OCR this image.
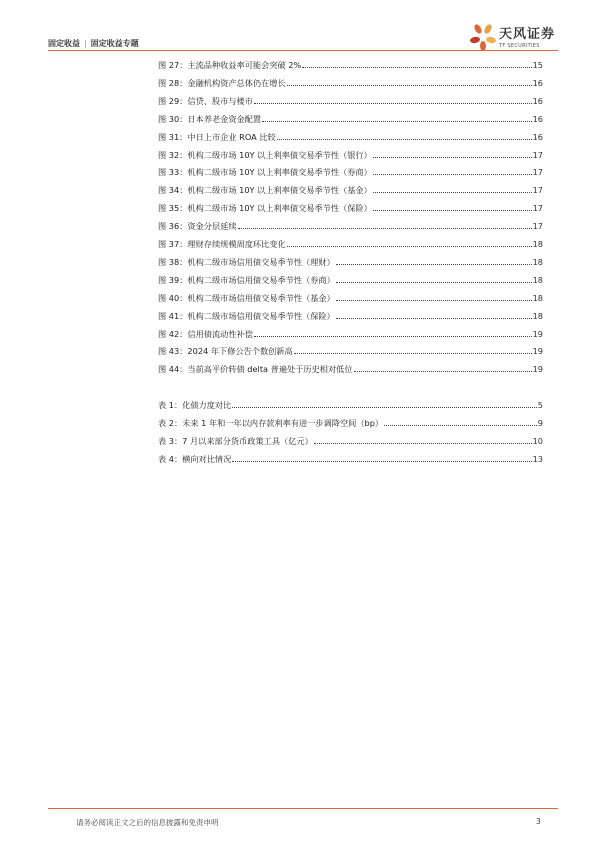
固定收益 | 固定收益专题
天风证券
TF SECURITIES
图 27：主流品种收益率可能会突破 2%	15
图 28：金融机构资产总体仍在增长	16
图 29：信贷、股市与楼市	16
图 30：日本养老金资金配置	16
图 31：中日上市企业 ROA 比较	16
图 32：机构二级市场 10Y 以上利率债交易季节性（银行）	17
图 33：机构二级市场 10Y 以上利率债交易季节性（券商）	17
图 34：机构二级市场 10Y 以上利率债交易季节性（基金）	17
图 35：机构二级市场 10Y 以上利率债交易季节性（保险）	17
图 36：资金分层延续	17
图 37：理财存续规模周度环比变化	18
图 38：机构二级市场信用债交易季节性（理财）	18
图 39：机构二级市场信用债交易季节性（券商）	18
图 40：机构二级市场信用债交易季节性（基金）	18
图 41：机构二级市场信用债交易季节性（保险）	18
图 42：信用债流动性补偿	19
图 43：2024 年下修公告个数创新高	19
图 44：当前高平价转债 delta 普遍处于历史相对低位	19
表 1：化债力度对比	5
表 2：未来 1 年和一年以内存款利率有进一步调降空间（bp）	9
表 3：7 月以来部分货币政策工具（亿元）	10
表 4：横向对比情况	13
请务必阅读正文之后的信息披露和免责申明	3
